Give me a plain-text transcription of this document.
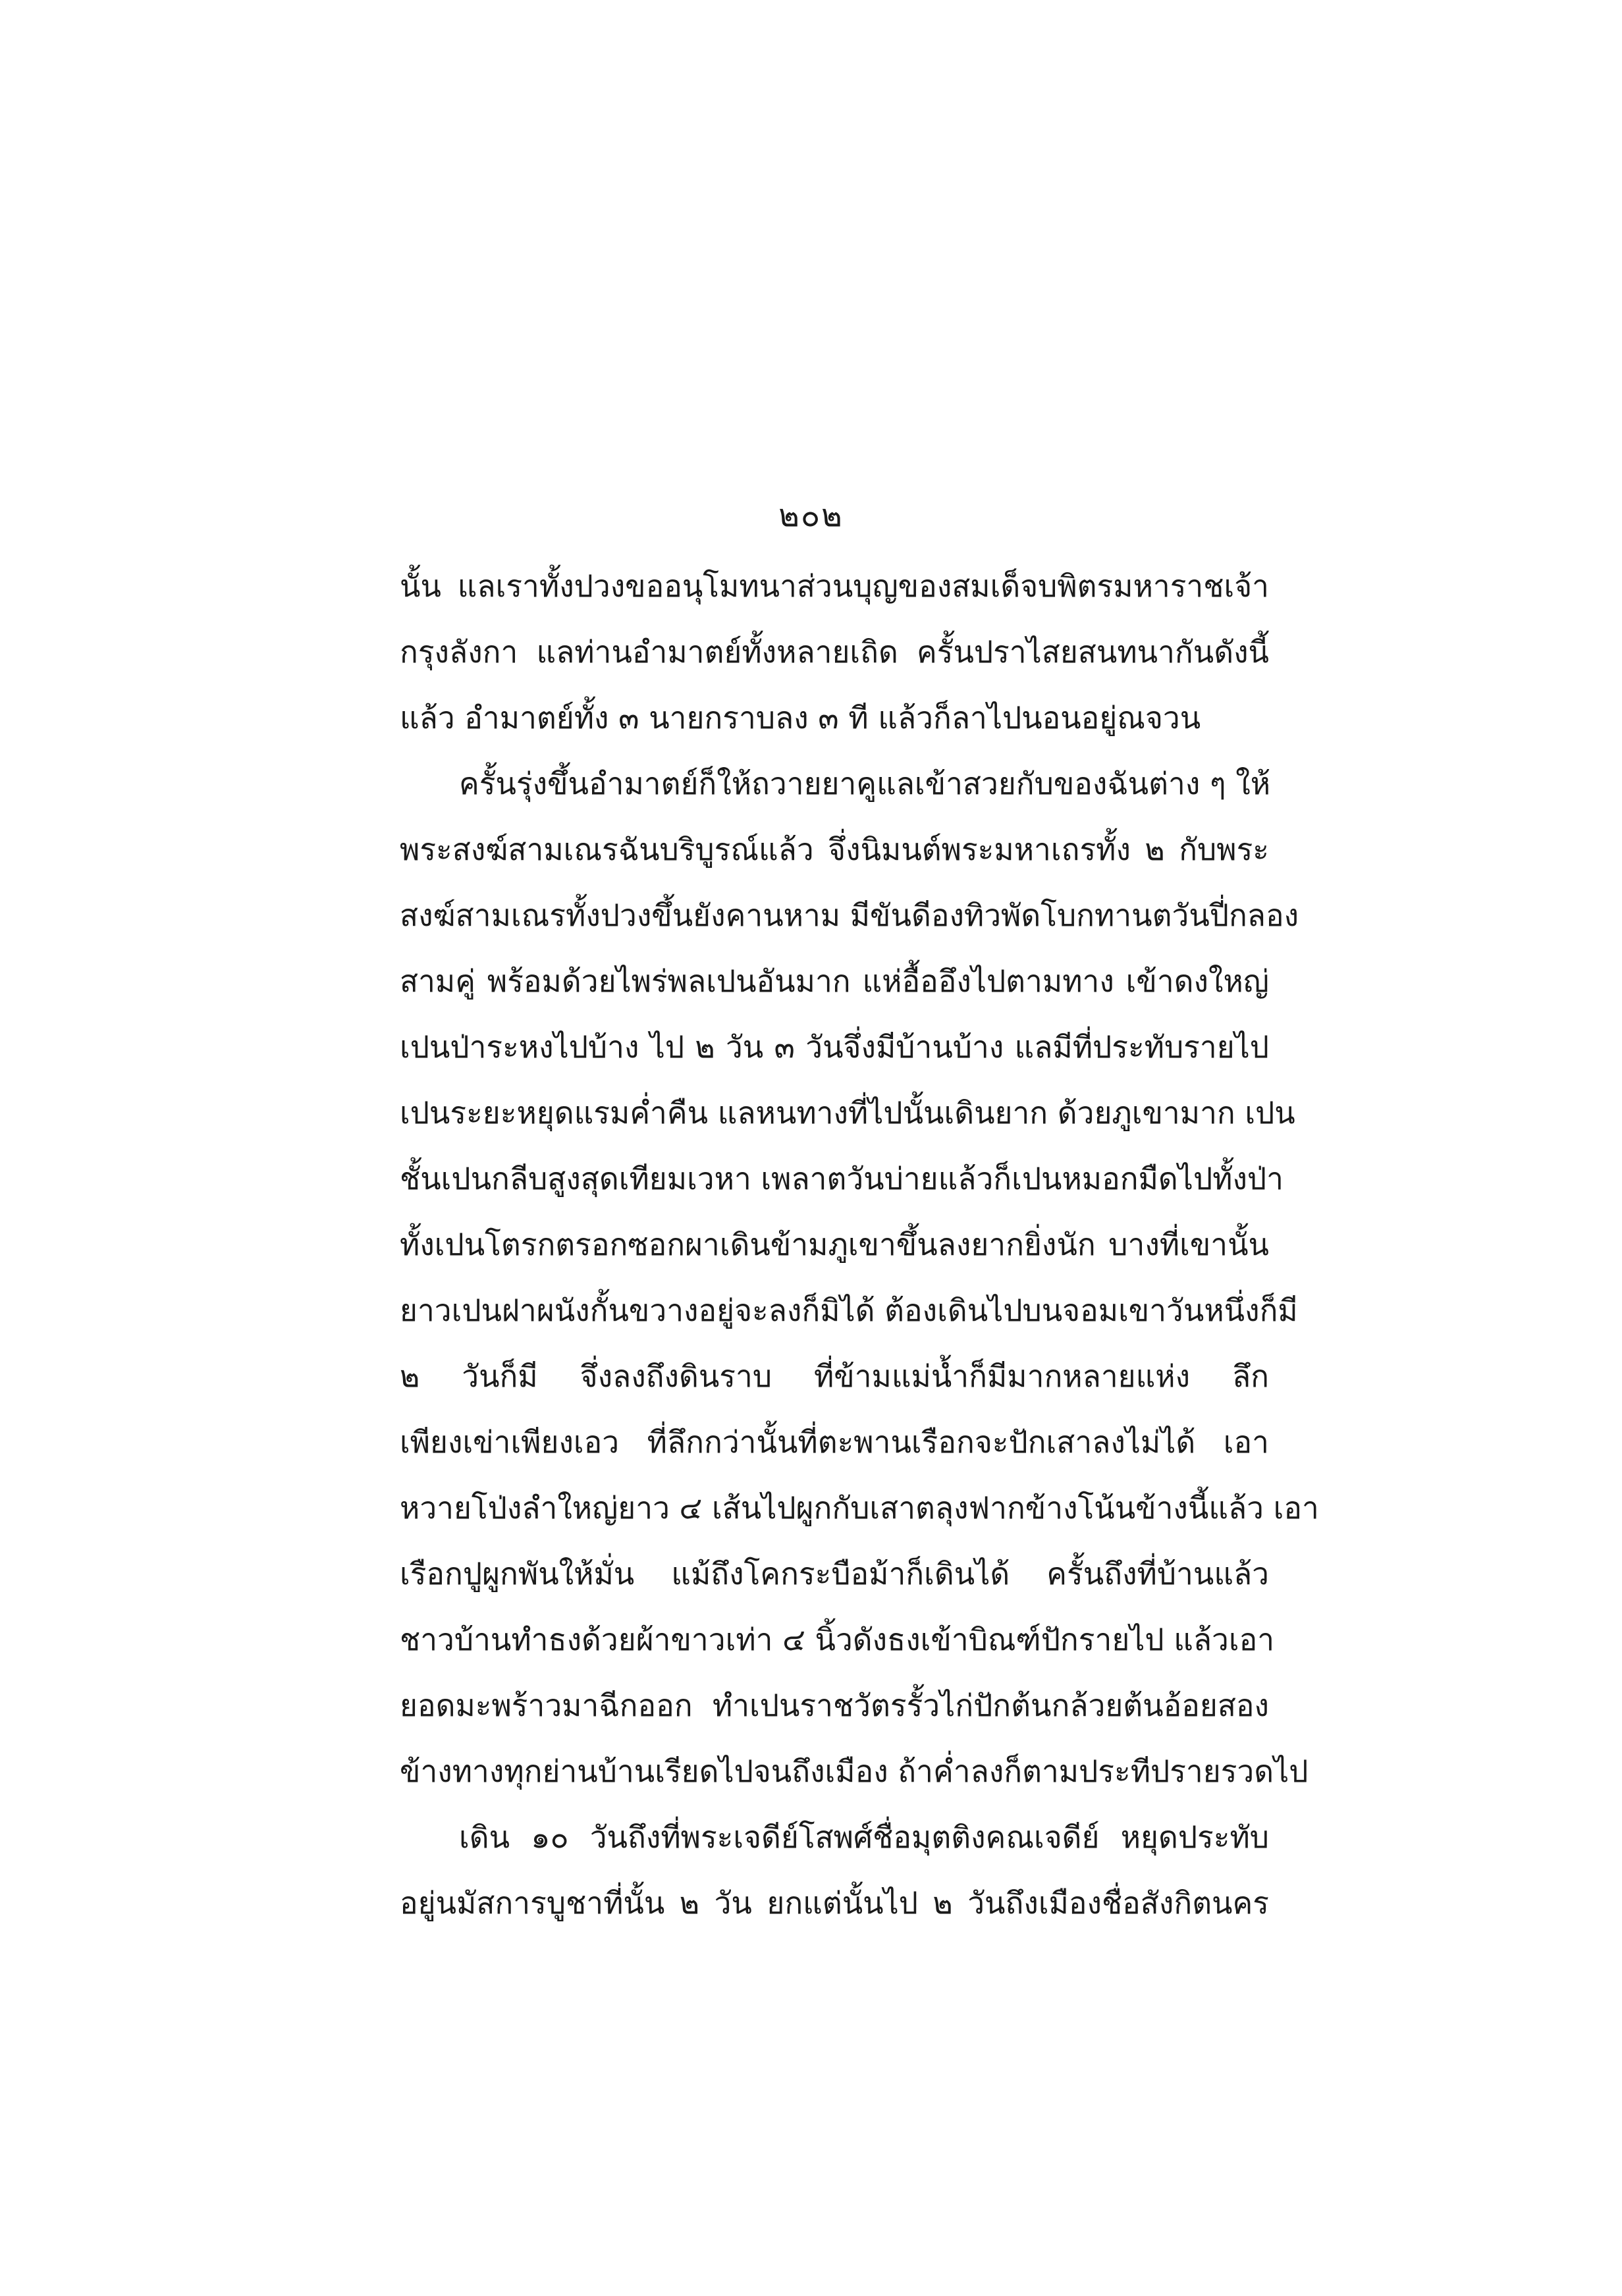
๒๐๒
นั้น แลเราทั้งปวงขออนุโมทนาส่วนบุญของสมเด็จบพิตรมหาราชเจ้า
กรุงลังกา แลท่านอำมาตย์ทั้งหลายเถิด ครั้นปราไสยสนทนากันดังนี้
แล้ว อำมาตย์ทั้ง ๓ นายกราบลง ๓ ที แล้วก็ลาไปนอนอยู่ณจวน
ครั้นรุ่งขึ้นอำมาตย์ก็ให้ถวายยาคูแลเข้าสวยกับของฉันต่าง ๆ ให้
พระสงฆ์สามเณรฉันบริบูรณ์แล้ว จึ่งนิมนต์พระมหาเถรทั้ง ๒ กับพระ
สงฆ์สามเณรทั้งปวงขึ้นยังคานหาม มีขันดีองทิวพัดโบกทานตวันปี่กลอง
สามคู่ พร้อมด้วยไพร่พลเปนอันมาก แห่อื้ออึงไปตามทาง เข้าดงใหญ่
เปนป่าระหงไปบ้าง ไป ๒ วัน ๓ วันจึ่งมีบ้านบ้าง แลมีที่ประทับรายไป
เปนระยะหยุดแรมค่ำคืน แลหนทางที่ไปนั้นเดินยาก ด้วยภูเขามาก เปน
ชั้นเปนกลีบสูงสุดเทียมเวหา เพลาตวันบ่ายแล้วก็เปนหมอกมืดไปทั้งป่า
ทั้งเปนโตรกตรอกซอกผาเดินข้ามภูเขาขึ้นลงยากยิ่งนัก บางที่เขานั้น
ยาวเปนฝาผนังกั้นขวางอยู่จะลงก็มิได้ ต้องเดินไปบนจอมเขาวันหนึ่งก็มี
๒ วันก็มี จึ่งลงถึงดินราบ ที่ข้ามแม่น้ำก็มีมากหลายแห่ง ลึก
เพียงเข่าเพียงเอว ที่ลึกกว่านั้นที่ตะพานเรือกจะปักเสาลงไม่ได้ เอา
หวายโป่งลำใหญ่ยาว ๔ เส้นไปผูกกับเสาตลุงฟากข้างโน้นข้างนี้แล้ว เอา
เรือกปูผูกพันให้มั่น แม้ถึงโคกระบือม้าก็เดินได้ ครั้นถึงที่บ้านแล้ว
ชาวบ้านทำธงด้วยผ้าขาวเท่า ๔ นิ้วดังธงเข้าบิณฑ์ปักรายไป แล้วเอา
ยอดมะพร้าวมาฉีกออก ทำเปนราชวัตรรั้วไก่ปักต้นกล้วยต้นอ้อยสอง
ข้างทางทุกย่านบ้านเรียดไปจนถึงเมือง ถ้าค่ำลงก็ตามประทีปรายรวดไป
เดิน ๑๐ วันถึงที่พระเจดีย์โสพศ์ชื่อมุตติงคณเจดีย์ หยุดประทับ
อยู่นมัสการบูชาที่นั้น ๒ วัน ยกแต่นั้นไป ๒ วันถึงเมืองชื่อสังกิตนคร
